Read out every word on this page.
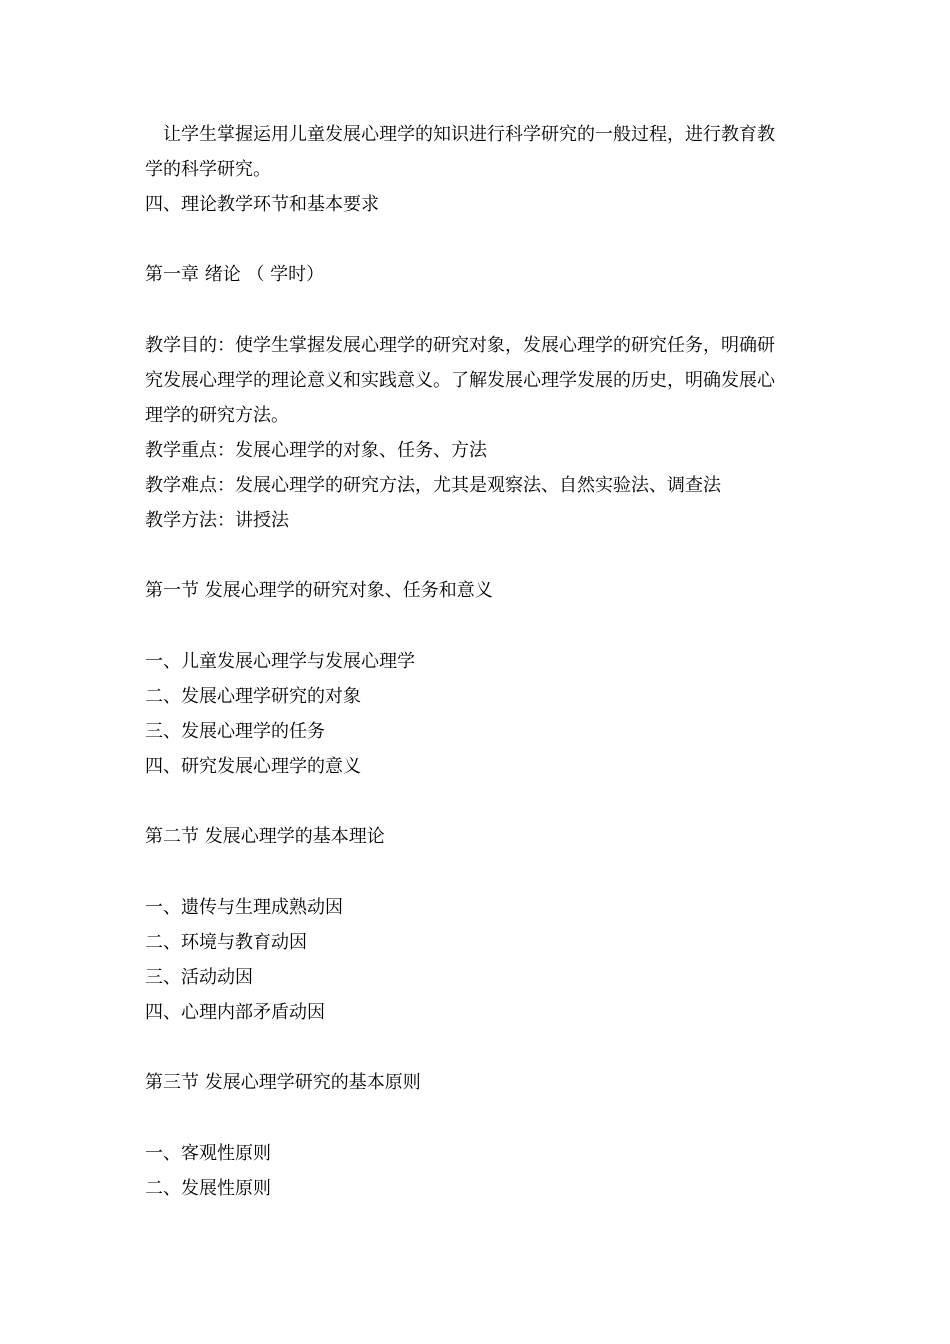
让学生掌握运用儿童发展心理学的知识进行科学研究的一般过程，进行教育教
学的科学研究。
四、理论教学环节和基本要求
第一章 绪论 （ 学时）
教学目的：使学生掌握发展心理学的研究对象，发展心理学的研究任务，明确研
究发展心理学的理论意义和实践意义。了解发展心理学发展的历史，明确发展心
理学的研究方法。
教学重点：发展心理学的对象、任务、方法
教学难点：发展心理学的研究方法，尤其是观察法、自然实验法、调查法
教学方法：讲授法
第一节 发展心理学的研究对象、任务和意义
一、儿童发展心理学与发展心理学
二、发展心理学研究的对象
三、发展心理学的任务
四、研究发展心理学的意义
第二节 发展心理学的基本理论
一、遗传与生理成熟动因
二、环境与教育动因
三、活动动因
四、心理内部矛盾动因
第三节 发展心理学研究的基本原则
一、客观性原则
二、发展性原则
